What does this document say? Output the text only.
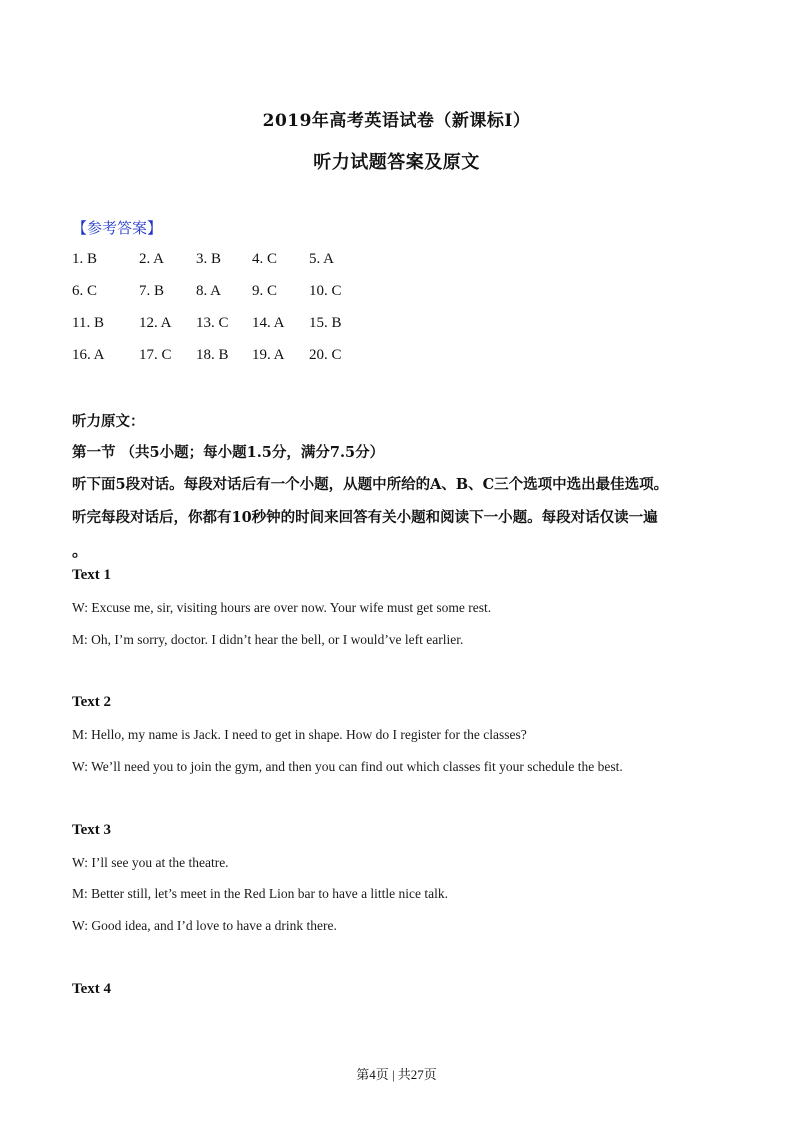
2019年高考英语试卷（新课标I）
听力试题答案及原文
【参考答案】
1. B	2. A	3. B	4. C	5. A
6. C	7. B	8. A	9. C	10. C
11. B	12. A	13. C	14. A	15. B
16. A	17. C	18. B	19. A	20. C
听力原文：
第一节 （共5小题；每小题1.5分，满分7.5分）
听下面5段对话。每段对话后有一个小题，从题中所给的A、B、C三个选项中选出最佳选项。
听完每段对话后，你都有10秒钟的时间来回答有关小题和阅读下一小题。每段对话仅读一遍
。
Text 1
W: Excuse me, sir, visiting hours are over now. Your wife must get some rest.
M: Oh, I’m sorry, doctor. I didn’t hear the bell, or I would’ve left earlier.
Text 2
M: Hello, my name is Jack. I need to get in shape. How do I register for the classes?
W: We’ll need you to join the gym, and then you can find out which classes fit your schedule the best.
Text 3
W: I’ll see you at the theatre.
M: Better still, let’s meet in the Red Lion bar to have a little nice talk.
W: Good idea, and I’d love to have a drink there.
Text 4
第4页 | 共27页
